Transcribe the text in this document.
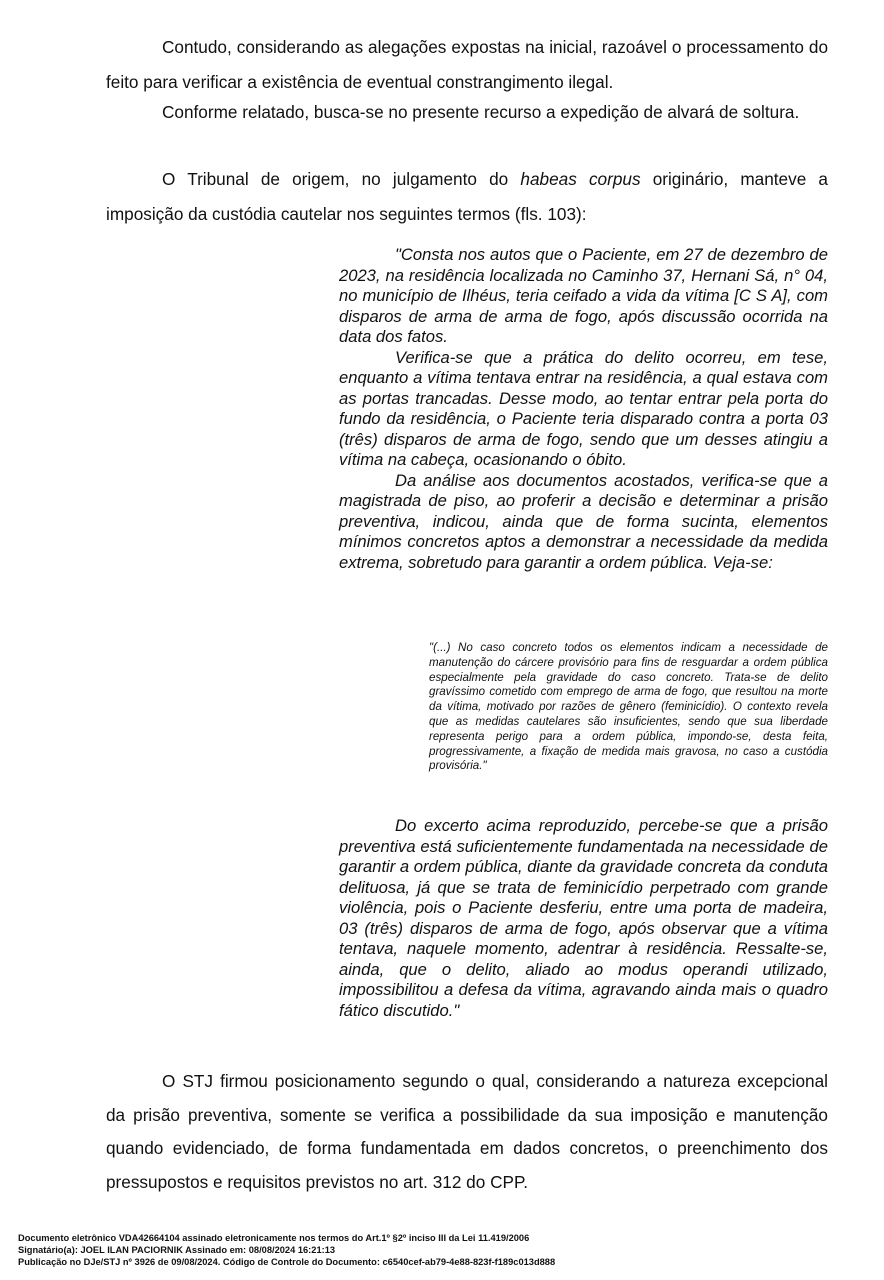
Contudo, considerando as alegações expostas na inicial, razoável o processamento do feito para verificar a existência de eventual constrangimento ilegal.

Conforme relatado, busca-se no presente recurso a expedição de alvará de soltura.

O Tribunal de origem, no julgamento do habeas corpus originário, manteve a imposição da custódia cautelar nos seguintes termos (fls. 103):

"Consta nos autos que o Paciente, em 27 de dezembro de 2023, na residência localizada no Caminho 37, Hernani Sá, n° 04, no município de Ilhéus, teria ceifado a vida da vítima [C S A], com disparos de arma de arma de fogo, após discussão ocorrida na data dos fatos.

Verifica-se que a prática do delito ocorreu, em tese, enquanto a vítima tentava entrar na residência, a qual estava com as portas trancadas. Desse modo, ao tentar entrar pela porta do fundo da residência, o Paciente teria disparado contra a porta 03 (três) disparos de arma de fogo, sendo que um desses atingiu a vítima na cabeça, ocasionando o óbito.

Da análise aos documentos acostados, verifica-se que a magistrada de piso, ao proferir a decisão e determinar a prisão preventiva, indicou, ainda que de forma sucinta, elementos mínimos concretos aptos a demonstrar a necessidade da medida extrema, sobretudo para garantir a ordem pública. Veja-se:

"(...) No caso concreto todos os elementos indicam a necessidade de manutenção do cárcere provisório para fins de resguardar a ordem pública especialmente pela gravidade do caso concreto. Trata-se de delito gravíssimo cometido com emprego de arma de fogo, que resultou na morte da vítima, motivado por razões de gênero (feminicídio). O contexto revela que as medidas cautelares são insuficientes, sendo que sua liberdade representa perigo para a ordem pública, impondo-se, desta feita, progressivamente, a fixação de medida mais gravosa, no caso a custódia provisória."

Do excerto acima reproduzido, percebe-se que a prisão preventiva está suficientemente fundamentada na necessidade de garantir a ordem pública, diante da gravidade concreta da conduta delituosa, já que se trata de feminicídio perpetrado com grande violência, pois o Paciente desferiu, entre uma porta de madeira, 03 (três) disparos de arma de fogo, após observar que a vítima tentava, naquele momento, adentrar à residência. Ressalte-se, ainda, que o delito, aliado ao modus operandi utilizado, impossibilitou a defesa da vítima, agravando ainda mais o quadro fático discutido."

O STJ firmou posicionamento segundo o qual, considerando a natureza excepcional da prisão preventiva, somente se verifica a possibilidade da sua imposição e manutenção quando evidenciado, de forma fundamentada em dados concretos, o preenchimento dos pressupostos e requisitos previstos no art. 312 do CPP.

Documento eletrônico VDA42664104 assinado eletronicamente nos termos do Art.1º §2º inciso III da Lei 11.419/2006
Signatário(a): JOEL ILAN PACIORNIK Assinado em: 08/08/2024 16:21:13
Publicação no DJe/STJ nº 3926 de 09/08/2024. Código de Controle do Documento: c6540cef-ab79-4e88-823f-f189c013d888
